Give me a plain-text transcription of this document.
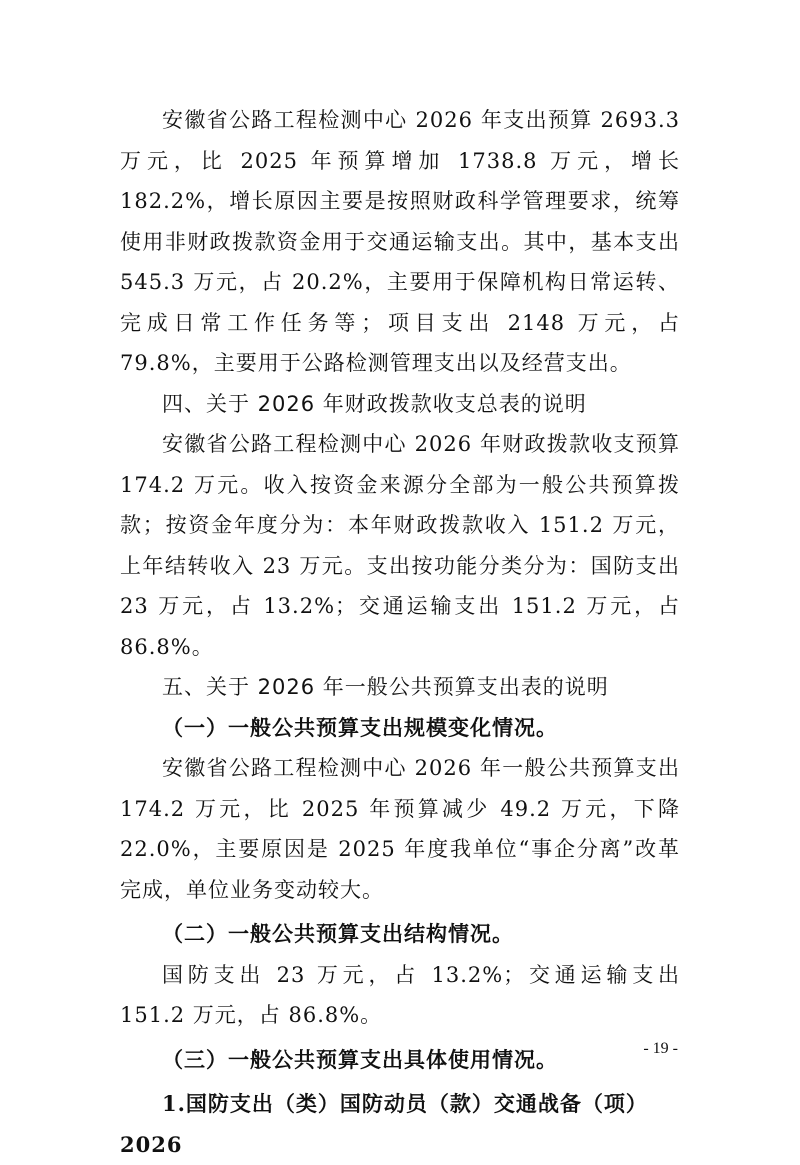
安徽省公路工程检测中心 2026 年支出预算 2693.3 万元，比 2025 年预算增加 1738.8 万元，增长 182.2%，增长原因主要是按照财政科学管理要求，统筹使用非财政拨款资金用于交通运输支出。其中，基本支出 545.3 万元，占 20.2%，主要用于保障机构日常运转、完成日常工作任务等；项目支出 2148 万元，占 79.8%，主要用于公路检测管理支出以及经营支出。

四、关于 2026 年财政拨款收支总表的说明

安徽省公路工程检测中心 2026 年财政拨款收支预算 174.2 万元。收入按资金来源分全部为一般公共预算拨款；按资金年度分为：本年财政拨款收入 151.2 万元，上年结转收入 23 万元。支出按功能分类分为：国防支出 23 万元，占 13.2%；交通运输支出 151.2 万元，占 86.8%。

五、关于 2026 年一般公共预算支出表的说明
（一）一般公共预算支出规模变化情况。

安徽省公路工程检测中心 2026 年一般公共预算支出 174.2 万元，比 2025 年预算减少 49.2 万元，下降 22.0%，主要原因是 2025 年度我单位“事企分离”改革完成，单位业务变动较大。

（二）一般公共预算支出结构情况。

国防支出 23 万元，占 13.2%；交通运输支出 151.2 万元，占 86.8%。

（三）一般公共预算支出具体使用情况。
1.国防支出（类）国防动员（款）交通战备（项）2026
- 19 -
